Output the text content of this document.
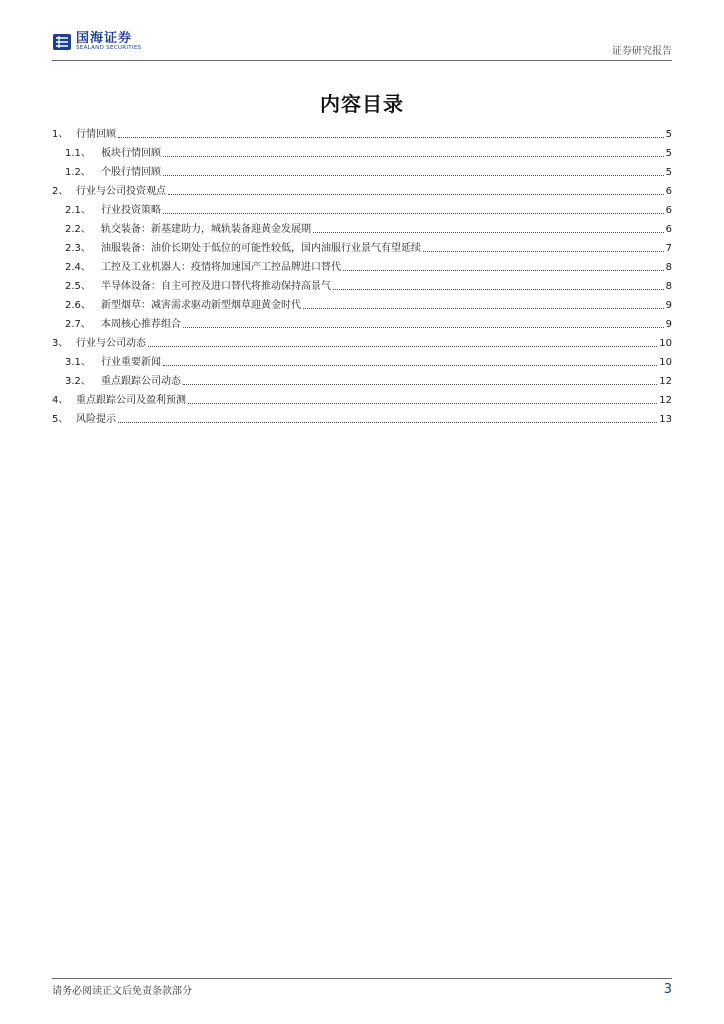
国海证券
SEALAND SECURITIES	证券研究报告
内容目录
1、 行情回顾	5
1.1、	板块行情回顾	5
1.2、	个股行情回顾	5
2、 行业与公司投资观点	6
2.1、	行业投资策略	6
2.2、	轨交装备：新基建助力，城轨装备迎黄金发展期	6
2.3、	油服装备：油价长期处于低位的可能性较低，国内油服行业景气有望延续	7
2.4、	工控及工业机器人：疫情将加速国产工控品牌进口替代	8
2.5、	半导体设备：自主可控及进口替代将推动保持高景气	8
2.6、	新型烟草：减害需求驱动新型烟草迎黄金时代	9
2.7、	本周核心推荐组合	9
3、 行业与公司动态	10
3.1、	行业重要新闻	10
3.2、	重点跟踪公司动态	12
4、 重点跟踪公司及盈利预测	12
5、 风险提示	13
请务必阅读正文后免责条款部分	3
